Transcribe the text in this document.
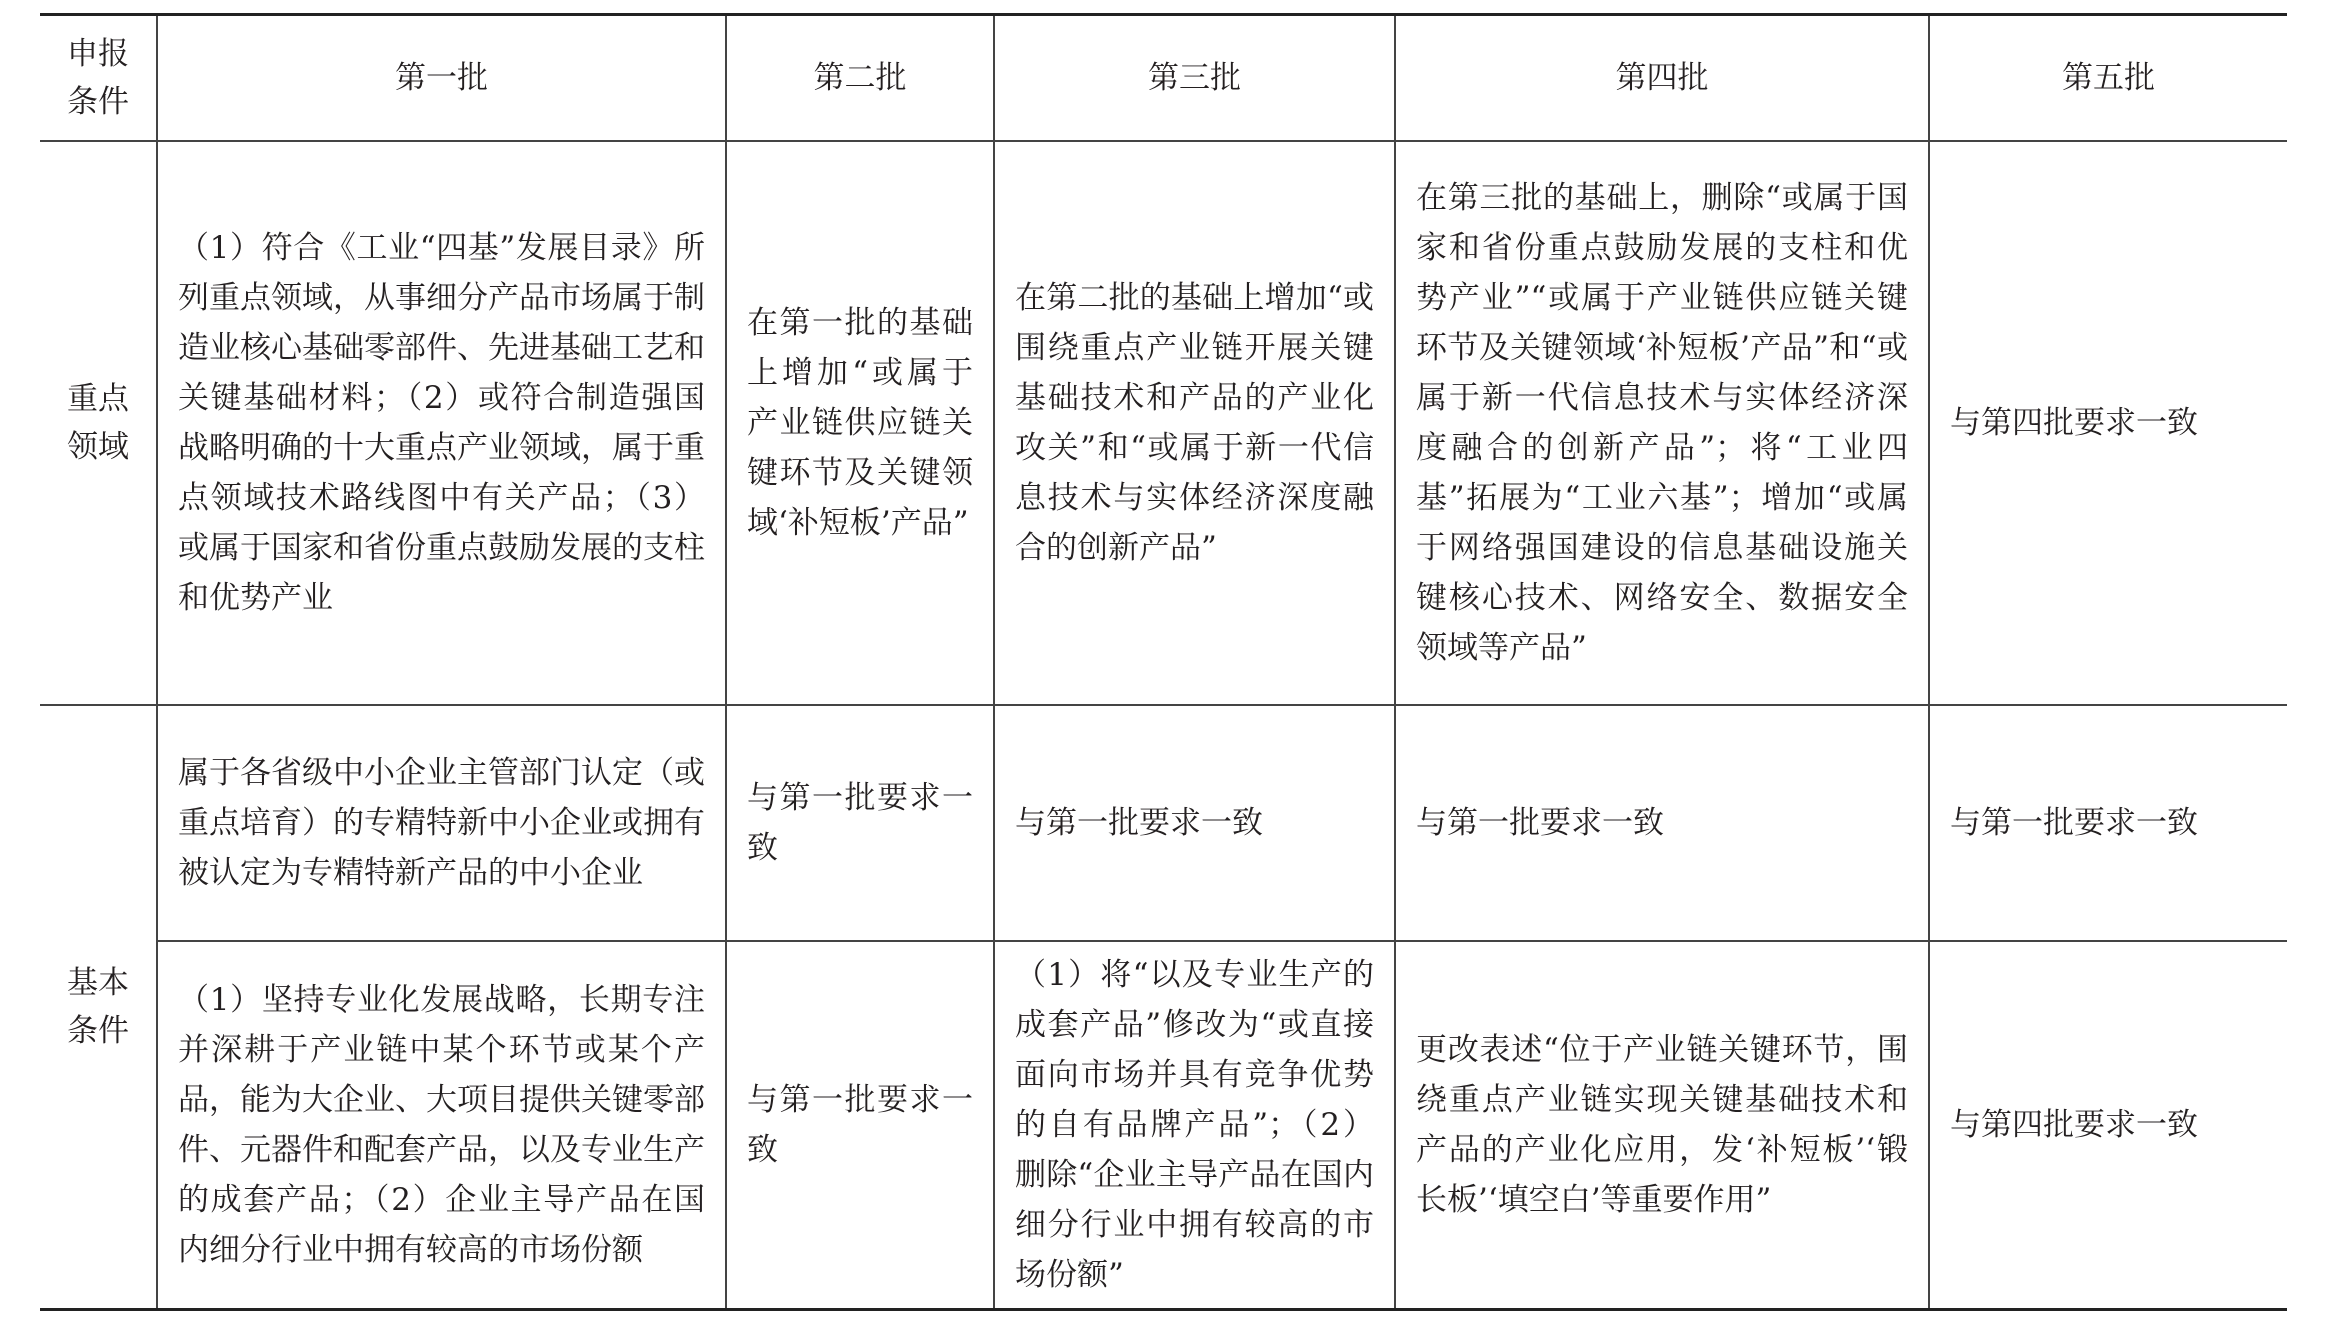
申报
条件	第一批	第二批	第三批	第四批	第五批

重点
领域	（1）符合《工业“四基”发展目录》所列重点领域，从事细分产品市场属于制造业核心基础零部件、先进基础工艺和关键基础材料；（2）或符合制造强国战略明确的十大重点产业领域，属于重点领域技术路线图中有关产品；（3）或属于国家和省份重点鼓励发展的支柱和优势产业	在第一批的基础上增加“或属于产业链供应链关键环节及关键领域‘补短板’产品”	在第二批的基础上增加“或围绕重点产业链开展关键基础技术和产品的产业化攻关”和“或属于新一代信息技术与实体经济深度融合的创新产品”	在第三批的基础上，删除“或属于国家和省份重点鼓励发展的支柱和优势产业”“或属于产业链供应链关键环节及关键领域‘补短板’产品”和“或属于新一代信息技术与实体经济深度融合的创新产品”；将“工业四基”拓展为“工业六基”；增加“或属于网络强国建设的信息基础设施关键核心技术、网络安全、数据安全领域等产品”	与第四批要求一致

基本
条件	属于各省级中小企业主管部门认定（或重点培育）的专精特新中小企业或拥有被认定为专精特新产品的中小企业	与第一批要求一致	与第一批要求一致	与第一批要求一致	与第一批要求一致

	（1）坚持专业化发展战略，长期专注并深耕于产业链中某个环节或某个产品，能为大企业、大项目提供关键零部件、元器件和配套产品，以及专业生产的成套产品；（2）企业主导产品在国内细分行业中拥有较高的市场份额	与第一批要求一致	（1）将“以及专业生产的成套产品”修改为“或直接面向市场并具有竞争优势的自有品牌产品”；（2）删除“企业主导产品在国内细分行业中拥有较高的市场份额”	更改表述“位于产业链关键环节，围绕重点产业链实现关键基础技术和产品的产业化应用，发‘补短板’‘锻长板’‘填空白’等重要作用”	与第四批要求一致
